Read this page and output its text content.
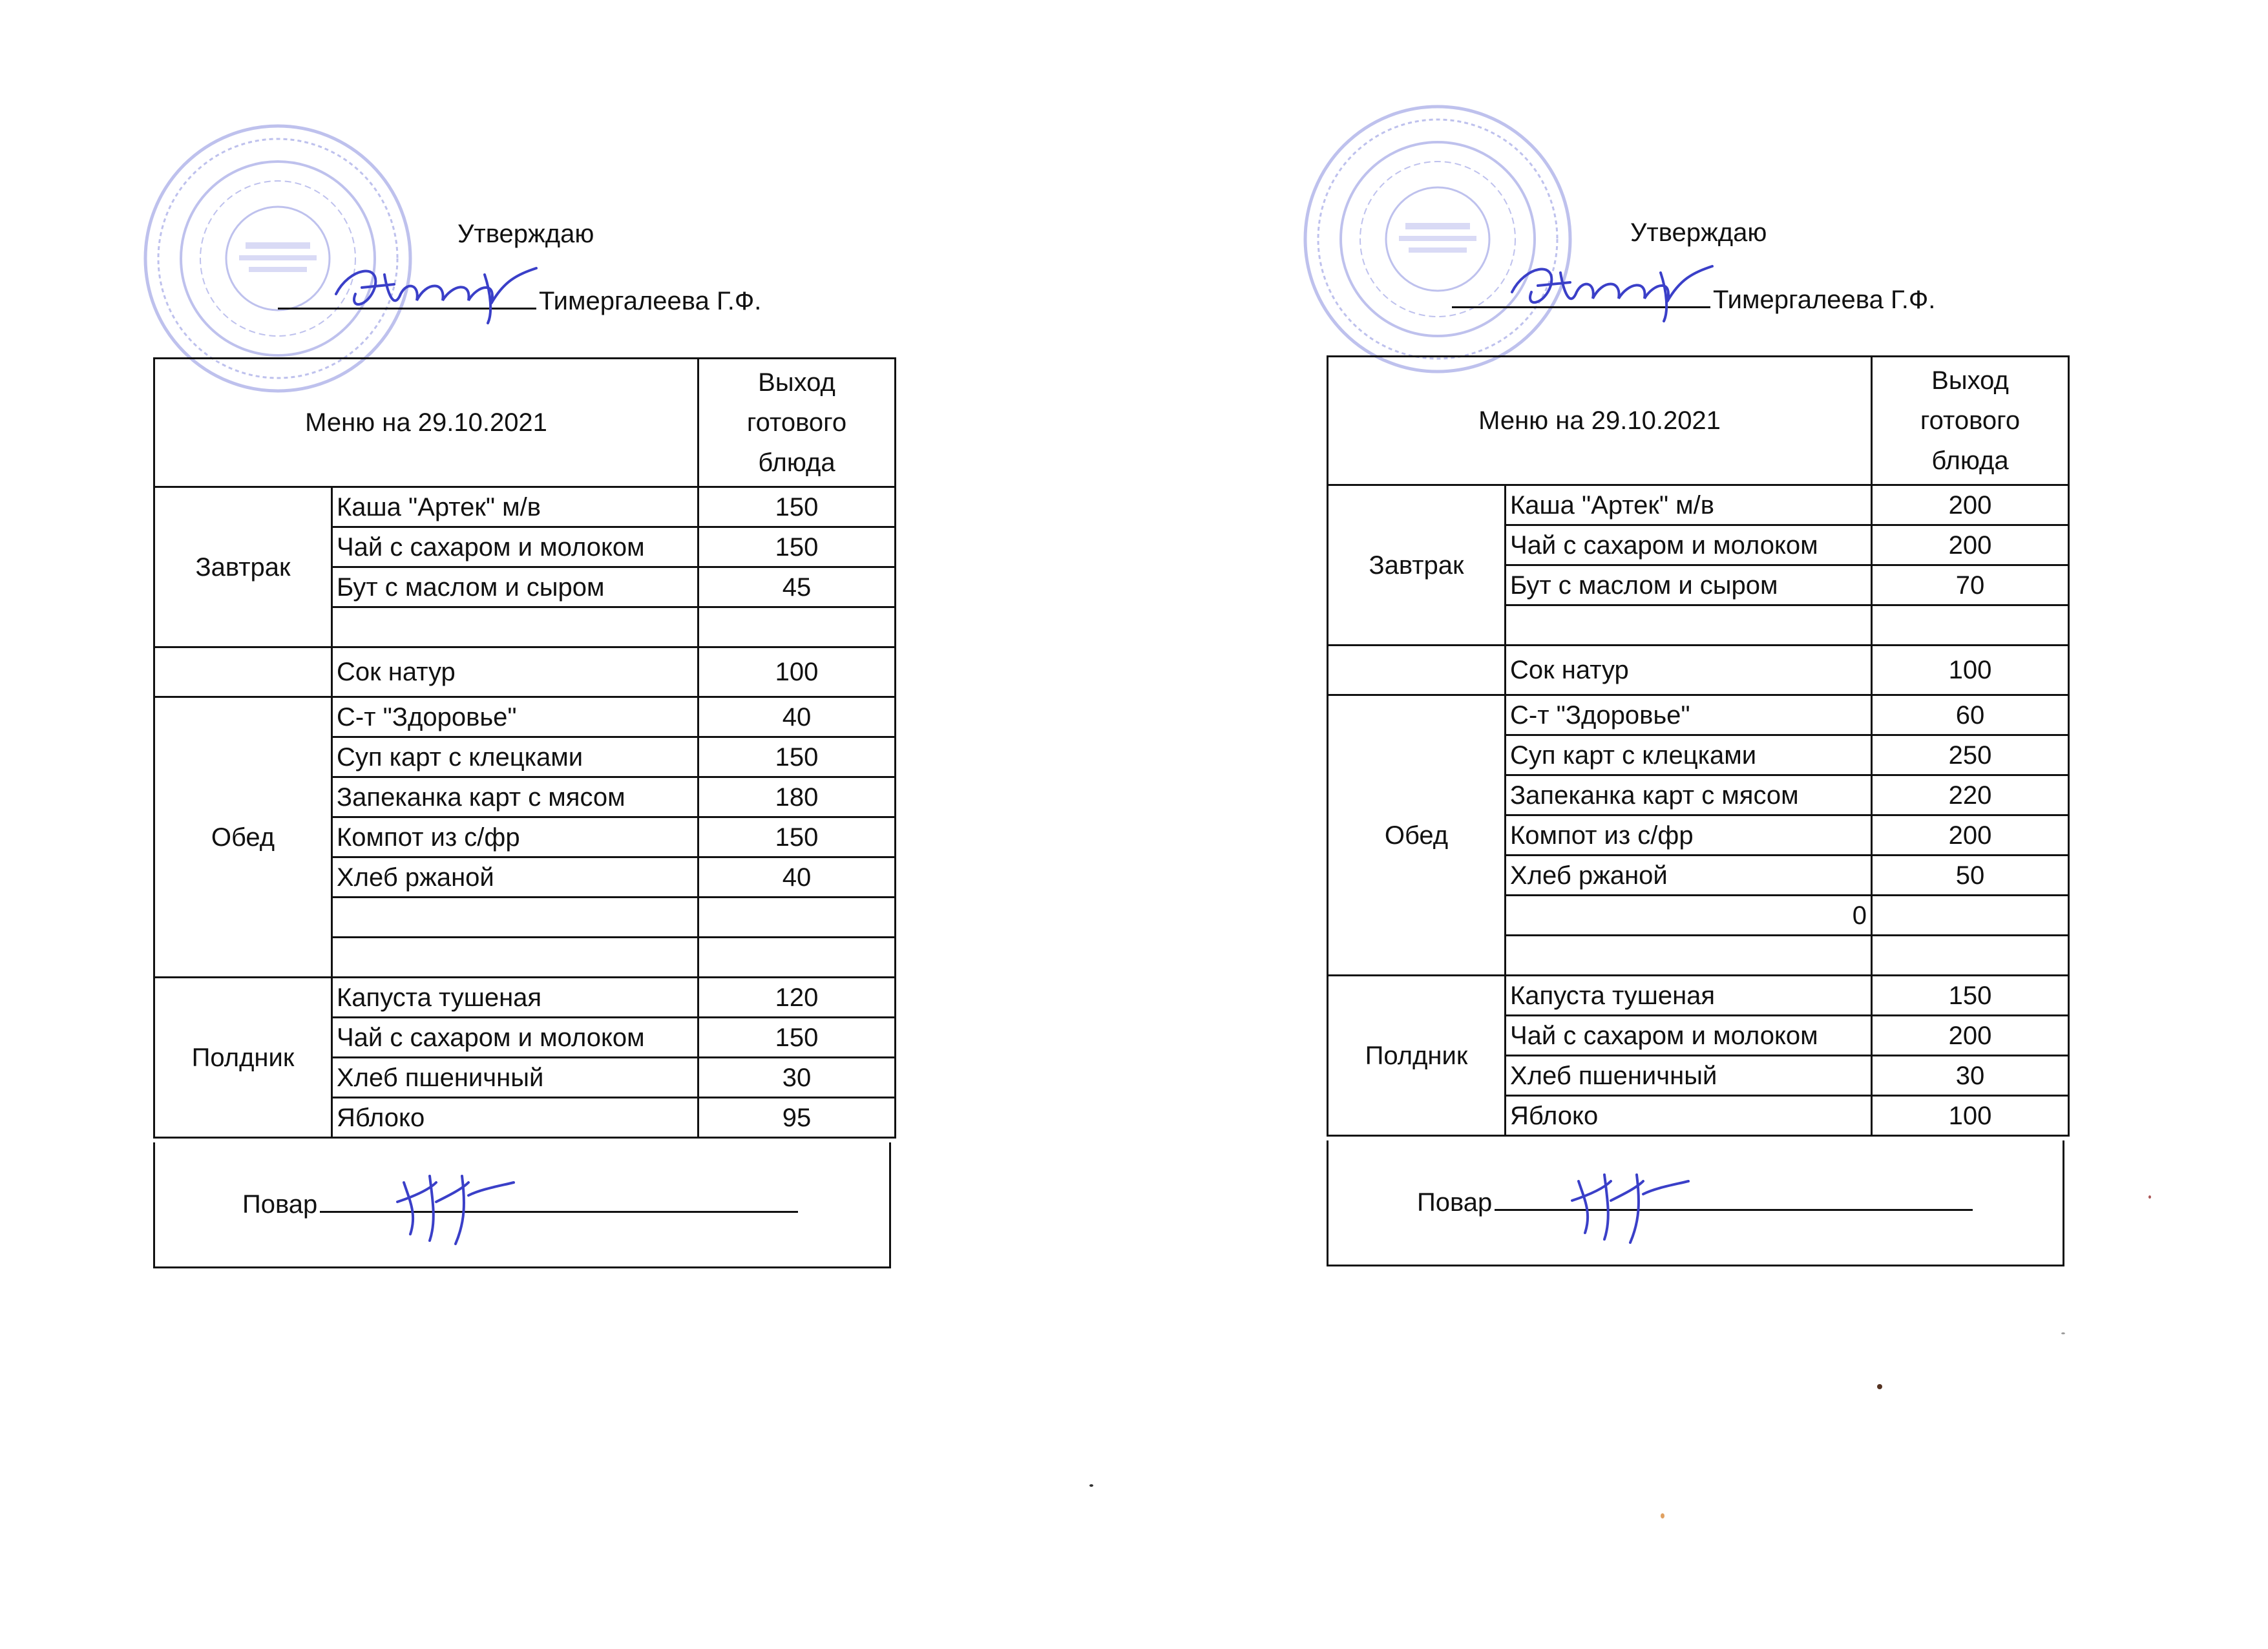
Утверждаю
Тимергалеева Г.Ф.
Меню на 29.10.2021		Выход
готового
блюда
Завтрак	Каша "Артек" м/в	150
	Чай с сахаром и молоком	150
	Бут с маслом и сыром	45

	Сок натур	100
Обед	С-т "Здоровье"	40
	Суп карт с клецками	150
	Запеканка карт с мясом	180
	Компот из с/фр	150
	Хлеб ржаной	40

Полдник	Капуста тушеная	120
	Чай с сахаром и молоком	150
	Хлеб пшеничный	30
	Яблоко	95
Повар
Утверждаю
Тимергалеева Г.Ф.
Меню на 29.10.2021		Выход
готового
блюда
Завтрак	Каша "Артек" м/в	200
	Чай с сахаром и молоком	200
	Бут с маслом и сыром	70

	Сок натур	100
Обед	С-т "Здоровье"	60
	Суп карт с клецками	250
	Запеканка карт с мясом	220
	Компот из с/фр	200
	Хлеб ржаной	50
	0	

Полдник	Капуста тушеная	150
	Чай с сахаром и молоком	200
	Хлеб пшеничный	30
	Яблоко	100
Повар
